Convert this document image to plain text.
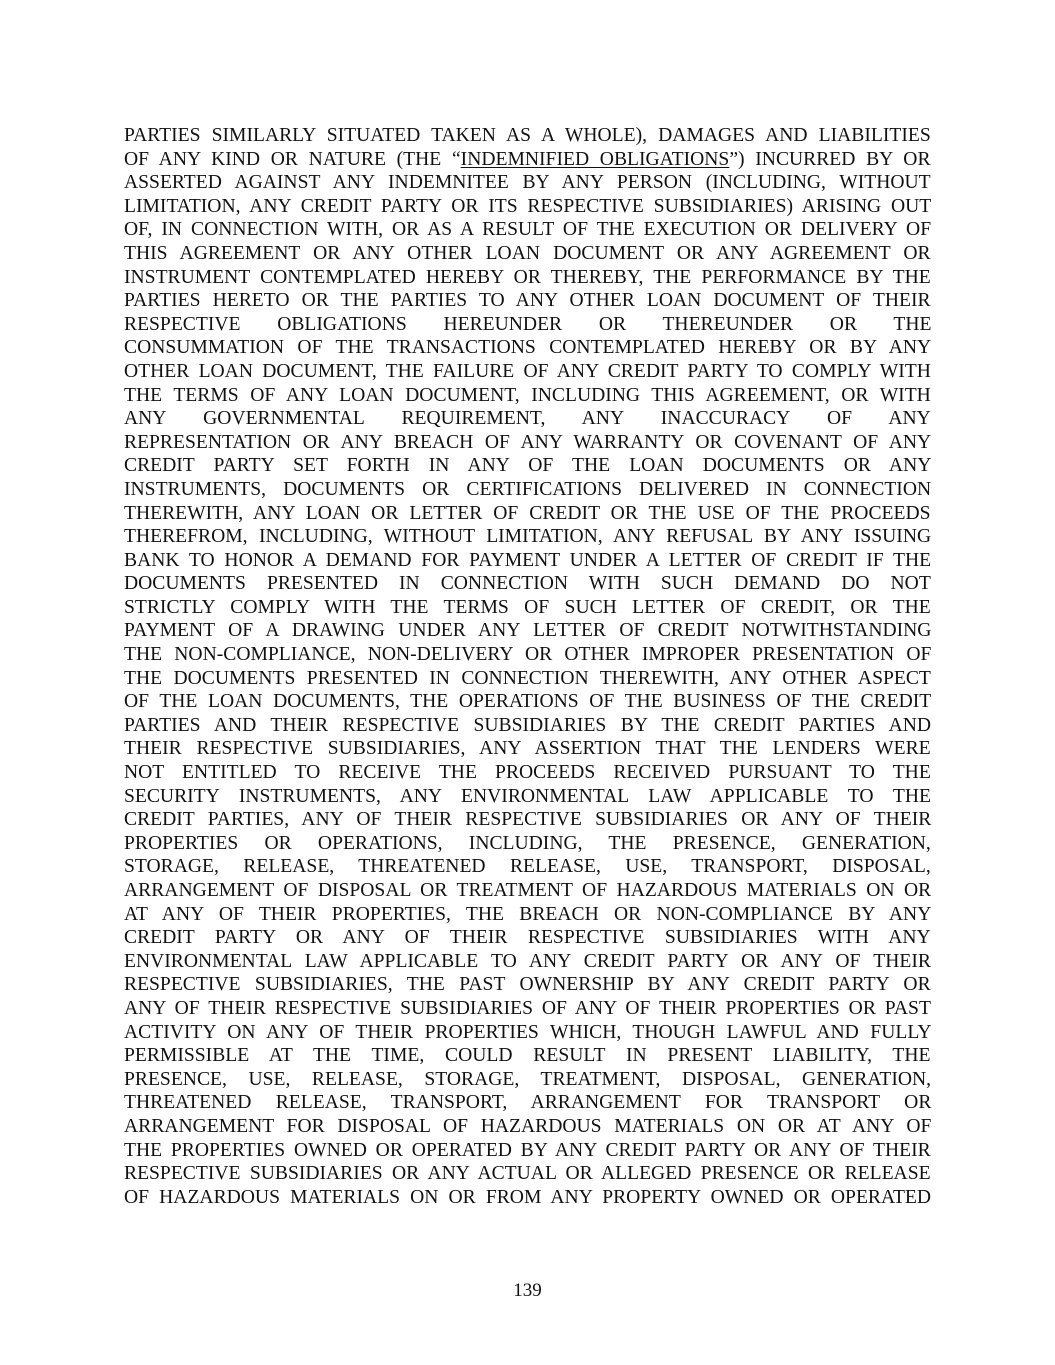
PARTIES SIMILARLY SITUATED TAKEN AS A WHOLE), DAMAGES AND LIABILITIES
OF ANY KIND OR NATURE (THE “INDEMNIFIED OBLIGATIONS”) INCURRED BY OR
ASSERTED AGAINST ANY INDEMNITEE BY ANY PERSON (INCLUDING, WITHOUT
LIMITATION, ANY CREDIT PARTY OR ITS RESPECTIVE SUBSIDIARIES) ARISING OUT
OF, IN CONNECTION WITH, OR AS A RESULT OF THE EXECUTION OR DELIVERY OF
THIS AGREEMENT OR ANY OTHER LOAN DOCUMENT OR ANY AGREEMENT OR
INSTRUMENT CONTEMPLATED HEREBY OR THEREBY, THE PERFORMANCE BY THE
PARTIES HERETO OR THE PARTIES TO ANY OTHER LOAN DOCUMENT OF THEIR
RESPECTIVE OBLIGATIONS HEREUNDER OR THEREUNDER OR THE
CONSUMMATION OF THE TRANSACTIONS CONTEMPLATED HEREBY OR BY ANY
OTHER LOAN DOCUMENT, THE FAILURE OF ANY CREDIT PARTY TO COMPLY WITH
THE TERMS OF ANY LOAN DOCUMENT, INCLUDING THIS AGREEMENT, OR WITH
ANY GOVERNMENTAL REQUIREMENT, ANY INACCURACY OF ANY
REPRESENTATION OR ANY BREACH OF ANY WARRANTY OR COVENANT OF ANY
CREDIT PARTY SET FORTH IN ANY OF THE LOAN DOCUMENTS OR ANY
INSTRUMENTS, DOCUMENTS OR CERTIFICATIONS DELIVERED IN CONNECTION
THEREWITH, ANY LOAN OR LETTER OF CREDIT OR THE USE OF THE PROCEEDS
THEREFROM, INCLUDING, WITHOUT LIMITATION, ANY REFUSAL BY ANY ISSUING
BANK TO HONOR A DEMAND FOR PAYMENT UNDER A LETTER OF CREDIT IF THE
DOCUMENTS PRESENTED IN CONNECTION WITH SUCH DEMAND DO NOT
STRICTLY COMPLY WITH THE TERMS OF SUCH LETTER OF CREDIT, OR THE
PAYMENT OF A DRAWING UNDER ANY LETTER OF CREDIT NOTWITHSTANDING
THE NON-COMPLIANCE, NON-DELIVERY OR OTHER IMPROPER PRESENTATION OF
THE DOCUMENTS PRESENTED IN CONNECTION THEREWITH, ANY OTHER ASPECT
OF THE LOAN DOCUMENTS, THE OPERATIONS OF THE BUSINESS OF THE CREDIT
PARTIES AND THEIR RESPECTIVE SUBSIDIARIES BY THE CREDIT PARTIES AND
THEIR RESPECTIVE SUBSIDIARIES, ANY ASSERTION THAT THE LENDERS WERE
NOT ENTITLED TO RECEIVE THE PROCEEDS RECEIVED PURSUANT TO THE
SECURITY INSTRUMENTS, ANY ENVIRONMENTAL LAW APPLICABLE TO THE
CREDIT PARTIES, ANY OF THEIR RESPECTIVE SUBSIDIARIES OR ANY OF THEIR
PROPERTIES OR OPERATIONS, INCLUDING, THE PRESENCE, GENERATION,
STORAGE, RELEASE, THREATENED RELEASE, USE, TRANSPORT, DISPOSAL,
ARRANGEMENT OF DISPOSAL OR TREATMENT OF HAZARDOUS MATERIALS ON OR
AT ANY OF THEIR PROPERTIES, THE BREACH OR NON-COMPLIANCE BY ANY
CREDIT PARTY OR ANY OF THEIR RESPECTIVE SUBSIDIARIES WITH ANY
ENVIRONMENTAL LAW APPLICABLE TO ANY CREDIT PARTY OR ANY OF THEIR
RESPECTIVE SUBSIDIARIES, THE PAST OWNERSHIP BY ANY CREDIT PARTY OR
ANY OF THEIR RESPECTIVE SUBSIDIARIES OF ANY OF THEIR PROPERTIES OR PAST
ACTIVITY ON ANY OF THEIR PROPERTIES WHICH, THOUGH LAWFUL AND FULLY
PERMISSIBLE AT THE TIME, COULD RESULT IN PRESENT LIABILITY, THE
PRESENCE, USE, RELEASE, STORAGE, TREATMENT, DISPOSAL, GENERATION,
THREATENED RELEASE, TRANSPORT, ARRANGEMENT FOR TRANSPORT OR
ARRANGEMENT FOR DISPOSAL OF HAZARDOUS MATERIALS ON OR AT ANY OF
THE PROPERTIES OWNED OR OPERATED BY ANY CREDIT PARTY OR ANY OF THEIR
RESPECTIVE SUBSIDIARIES OR ANY ACTUAL OR ALLEGED PRESENCE OR RELEASE
OF HAZARDOUS MATERIALS ON OR FROM ANY PROPERTY OWNED OR OPERATED
139
